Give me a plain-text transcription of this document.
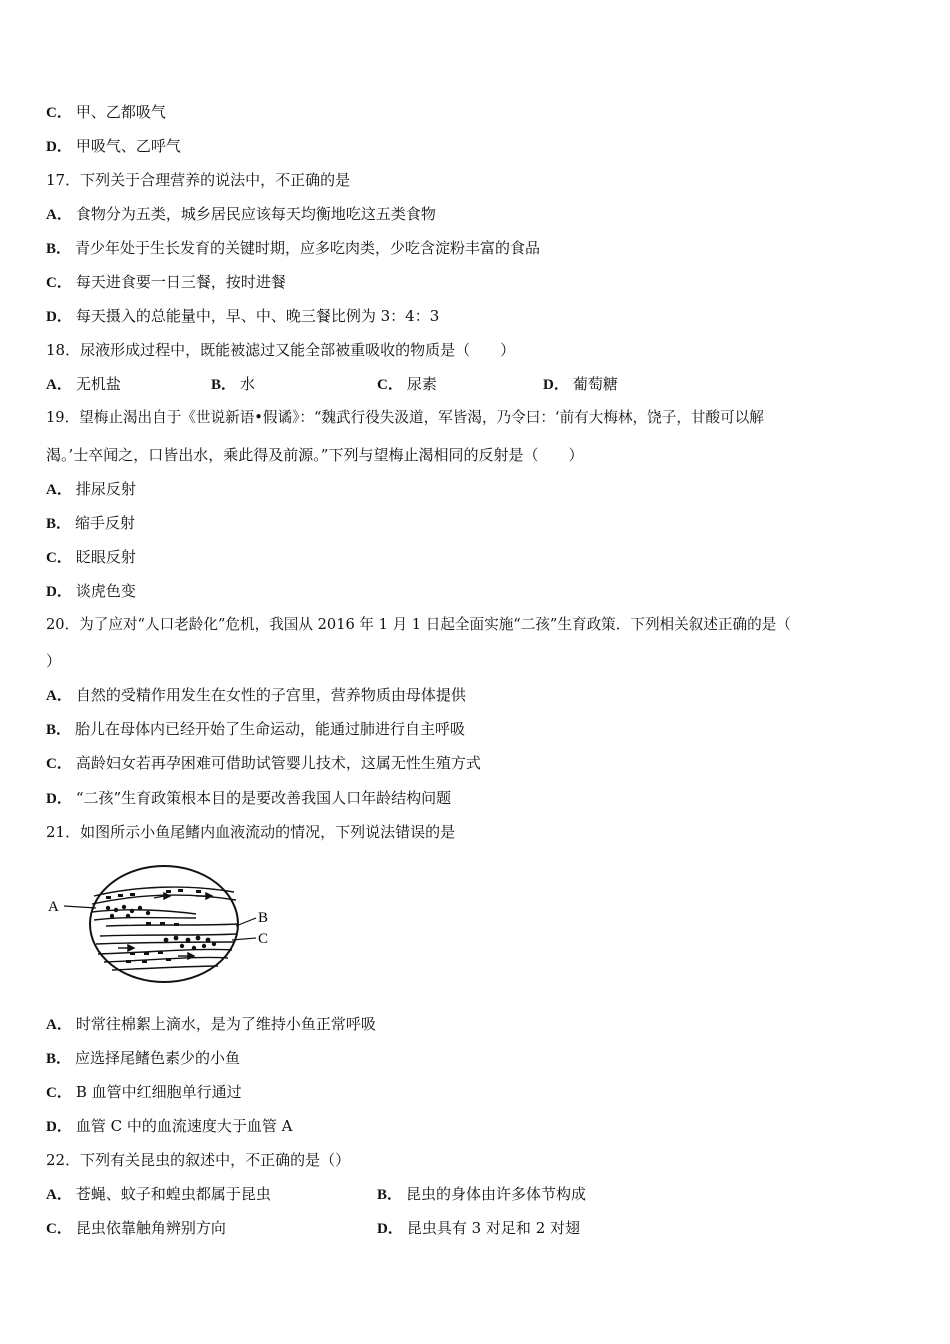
C． 甲、乙都吸气
D． 甲吸气、乙呼气
17．下列关于合理营养的说法中，不正确的是
A． 食物分为五类，城乡居民应该每天均衡地吃这五类食物
B． 青少年处于生长发育的关键时期，应多吃肉类，少吃含淀粉丰富的食品
C． 每天进食要一日三餐，按时进餐
D． 每天摄入的总能量中，早、中、晚三餐比例为 3：4：3
18．尿液形成过程中，既能被滤过又能全部被重吸收的物质是（　　）
A． 无机盐	B． 水	C． 尿素	D． 葡萄糖
19．望梅止渴出自于《世说新语•假谲》：“魏武行役失汲道，军皆渴，乃令曰：‘前有大梅林，饶子，甘酸可以解
渴。’士卒闻之，口皆出水，乘此得及前源。”下列与望梅止渴相同的反射是（　　）
A． 排尿反射
B． 缩手反射
C． 眨眼反射
D． 谈虎色变
20．为了应对“人口老龄化”危机，我国从 2016 年 1 月 1 日起全面实施“二孩”生育政策．下列相关叙述正确的是（
）
A． 自然的受精作用发生在女性的子宫里，营养物质由母体提供
B． 胎儿在母体内已经开始了生命运动，能通过肺进行自主呼吸
C． 高龄妇女若再孕困难可借助试管婴儿技术，这属无性生殖方式
D． “二孩”生育政策根本目的是要改善我国人口年龄结构问题
21．如图所示小鱼尾鳍内血液流动的情况，下列说法错误的是
A
B
C
A． 时常往棉絮上滴水，是为了维持小鱼正常呼吸
B． 应选择尾鳍色素少的小鱼
C． B 血管中红细胞单行通过
D． 血管 C 中的血流速度大于血管 A
22．下列有关昆虫的叙述中，不正确的是（）
A． 苍蝇、蚊子和蝗虫都属于昆虫	B． 昆虫的身体由许多体节构成
C． 昆虫依靠触角辨别方向	D． 昆虫具有 3 对足和 2 对翅
